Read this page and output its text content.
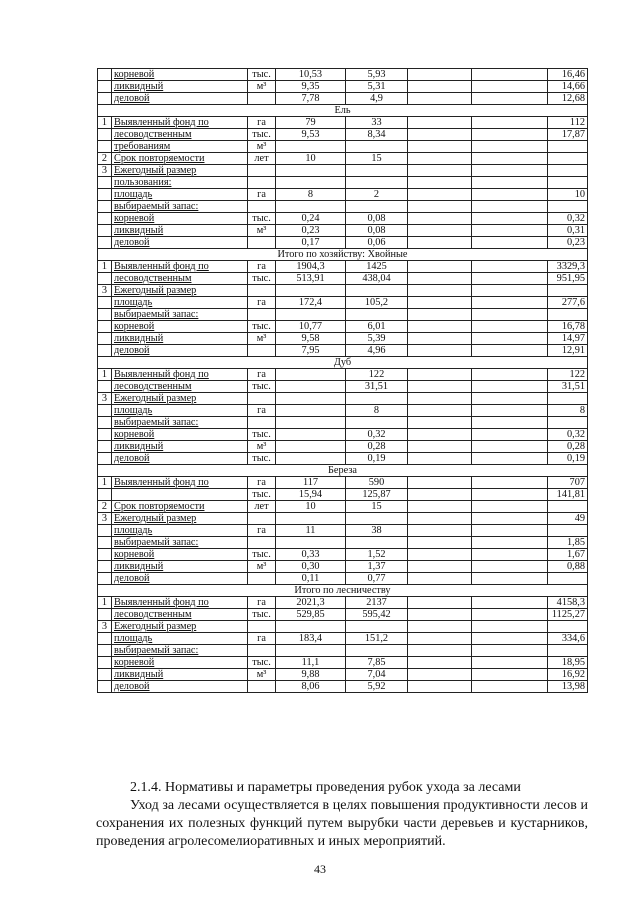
	корневой	тыс.	10,53	5,93			16,46
	ликвидный	м³	9,35	5,31			14,66
	деловой		7,78	4,9			12,68
Ель							
1	Выявленный фонд по	га	79	33			112
	лесоводственным	тыс.	9,53	8,34			17,87
	требованиям	м³					
2	Срок повторяемости	лет	10	15			
3	Ежегодный размер						
	пользования:						
	площадь	га	8	2			10
	выбираемый запас:						
	корневой	тыс.	0,24	0,08			0,32
	ликвидный	м³	0,23	0,08			0,31
	деловой		0,17	0,06			0,23
Итого по хозяйству: Хвойные							
1	Выявленный фонд по	га	1904,3	1425			3329,3
	лесоводственным	тыс.	513,91	438,04			951,95
3	Ежегодный размер						
	площадь	га	172,4	105,2			277,6
	выбираемый запас:						
	корневой	тыс.	10,77	6,01			16,78
	ликвидный	м³	9,58	5,39			14,97
	деловой		7,95	4,96			12,91
Дуб							
1	Выявленный фонд по	га		122			122
	лесоводственным	тыс.		31,51			31,51
3	Ежегодный размер						
	площадь	га		8			8
	выбираемый запас:						
	корневой	тыс.		0,32			0,32
	ликвидный	м³		0,28			0,28
	деловой	тыс.		0,19			0,19
Береза							
1	Выявленный фонд по	га	117	590			707
		тыс.	15,94	125,87			141,81
2	Срок повторяемости	лет	10	15			
3	Ежегодный размер						49
	площадь	га	11	38			
	выбираемый запас:						1,85
	корневой	тыс.	0,33	1,52			1,67
	ликвидный	м³	0,30	1,37			0,88
	деловой		0,11	0,77			
Итого по лесничеству							
1	Выявленный фонд по	га	2021,3	2137			4158,3
	лесоводственным	тыс.	529,85	595,42			1125,27
3	Ежегодный размер						
	площадь	га	183,4	151,2			334,6
	выбираемый запас:						
	корневой	тыс.	11,1	7,85			18,95
	ликвидный	м³	9,88	7,04			16,92
	деловой		8,06	5,92			13,98
2.1.4. Нормативы и параметры проведения рубок ухода за лесами
Уход за лесами осуществляется в целях повышения продуктивности лесов и сохранения их полезных функций путем вырубки части деревьев и кустарников, проведения агролесомелиоративных и иных мероприятий.
43
